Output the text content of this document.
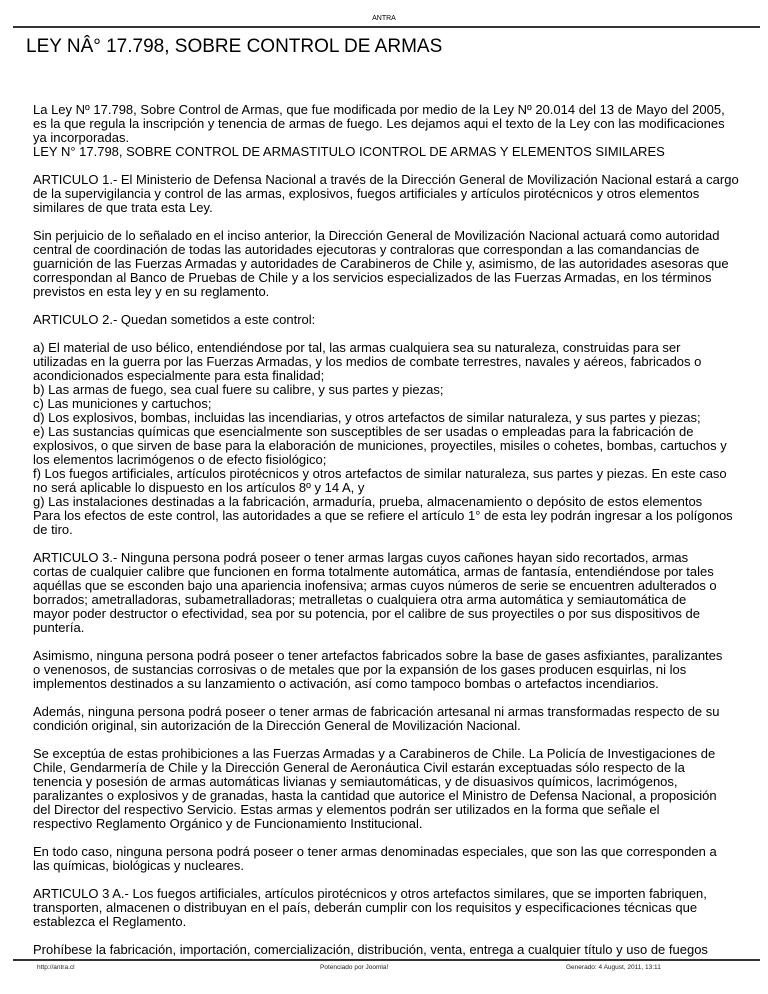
ANTRA
LEY NÂ° 17.798, SOBRE CONTROL DE ARMAS

La Ley Nº 17.798, Sobre Control de Armas, que fue modificada por medio de la Ley Nº 20.014 del 13 de Mayo del 2005,
es la que regula la inscripción y tenencia de armas de fuego. Les dejamos aqui el texto de la Ley con las modificaciones
ya incorporadas.
LEY N° 17.798, SOBRE CONTROL DE ARMASTITULO ICONTROL DE ARMAS Y ELEMENTOS SIMILARES

ARTICULO 1.- El Ministerio de Defensa Nacional a través de la Dirección General de Movilización Nacional estará a cargo
de la supervigilancia y control de las armas, explosivos, fuegos artificiales y artículos pirotécnicos y otros elementos
similares de que trata esta Ley.

Sin perjuicio de lo señalado en el inciso anterior, la Dirección General de Movilización Nacional actuará como autoridad
central de coordinación de todas las autoridades ejecutoras y contraloras que correspondan a las comandancias de
guarnición de las Fuerzas Armadas y autoridades de Carabineros de Chile y, asimismo, de las autoridades asesoras que
correspondan al Banco de Pruebas de Chile y a los servicios especializados de las Fuerzas Armadas, en los términos
previstos en esta ley y en su reglamento.

ARTICULO 2.- Quedan sometidos a este control:

a) El material de uso bélico, entendiéndose por tal, las armas cualquiera sea su naturaleza, construidas para ser
utilizadas en la guerra por las Fuerzas Armadas, y los medios de combate terrestres, navales y aéreos, fabricados o
acondicionados especialmente para esta finalidad;
b) Las armas de fuego, sea cual fuere su calibre, y sus partes y piezas;
c) Las municiones y cartuchos;
d) Los explosivos, bombas, incluidas las incendiarias, y otros artefactos de similar naturaleza, y sus partes y piezas;
e) Las sustancias químicas que esencialmente son susceptibles de ser usadas o empleadas para la fabricación de
explosivos, o que sirven de base para la elaboración de municiones, proyectiles, misiles o cohetes, bombas, cartuchos y
los elementos lacrimógenos o de efecto fisiológico;
f) Los fuegos artificiales, artículos pirotécnicos y otros artefactos de similar naturaleza, sus partes y piezas. En este caso
no será aplicable lo dispuesto en los artículos 8º y 14 A, y
g) Las instalaciones destinadas a la fabricación, armaduría, prueba, almacenamiento o depósito de estos elementos
Para los efectos de este control, las autoridades a que se refiere el artículo 1° de esta ley podrán ingresar a los polígonos
de tiro.

ARTICULO 3.- Ninguna persona podrá poseer o tener armas largas cuyos cañones hayan sido recortados, armas
cortas de cualquier calibre que funcionen en forma totalmente automática, armas de fantasía, entendiéndose por tales
aquéllas que se esconden bajo una apariencia inofensiva; armas cuyos números de serie se encuentren adulterados o
borrados; ametralladoras, subametralladoras; metralletas o cualquiera otra arma automática y semiautomática de
mayor poder destructor o efectividad, sea por su potencia, por el calibre de sus proyectiles o por sus dispositivos de
puntería.

Asimismo, ninguna persona podrá poseer o tener artefactos fabricados sobre la base de gases asfixiantes, paralizantes
o venenosos, de sustancias corrosivas o de metales que por la expansión de los gases producen esquirlas, ni los
implementos destinados a su lanzamiento o activación, así como tampoco bombas o artefactos incendiarios.

Además, ninguna persona podrá poseer o tener armas de fabricación artesanal ni armas transformadas respecto de su
condición original, sin autorización de la Dirección General de Movilización Nacional.

Se exceptúa de estas prohibiciones a las Fuerzas Armadas y a Carabineros de Chile. La Policía de Investigaciones de
Chile, Gendarmería de Chile y la Dirección General de Aeronáutica Civil estarán exceptuadas sólo respecto de la
tenencia y posesión de armas automáticas livianas y semiautomáticas, y de disuasivos químicos, lacrimógenos,
paralizantes o explosivos y de granadas, hasta la cantidad que autorice el Ministro de Defensa Nacional, a proposición
del Director del respectivo Servicio. Estas armas y elementos podrán ser utilizados en la forma que señale el
respectivo Reglamento Orgánico y de Funcionamiento Institucional.

En todo caso, ninguna persona podrá poseer o tener armas denominadas especiales, que son las que corresponden a
las químicas, biológicas y nucleares.

ARTICULO 3 A.- Los fuegos artificiales, artículos pirotécnicos y otros artefactos similares, que se importen fabriquen,
transporten, almacenen o distribuyan en el país, deberán cumplir con los requisitos y especificaciones técnicas que
establezca el Reglamento.

Prohíbese la fabricación, importación, comercialización, distribución, venta, entrega a cualquier título y uso de fuegos

http://antra.cl	Potenciado por Joomla!	Generado: 4 August, 2011, 13:11
